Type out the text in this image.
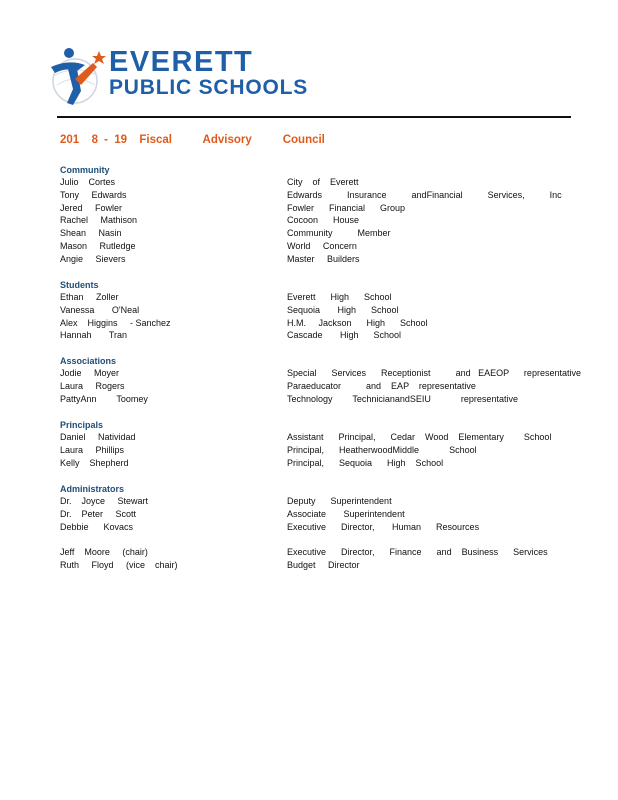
EVERETT
PUBLIC SCHOOLS
201  8 - 19  Fiscal     Advisory     Council
Community
Julio    Cortes	City    of    Everett
Tony     Edwards	Edwards          Insurance          andFinancial          Services,          Inc
Jered     Fowler	Fowler      Financial      Group
Rachel     Mathison	Cocoon      House
Shean     Nasin	Community          Member
Mason     Rutledge	World     Concern
Angie     Sievers	Master     Builders
Students
Ethan     Zoller	Everett      High      School
Vanessa       O'Neal	Sequoia       High      School
Alex    Higgins     - Sanchez	H.M.     Jackson      High      School
Hannah       Tran	Cascade       High      School
Associations
Jodie     Moyer	Special      Services      Receptionist          and   EAEOP      representative
Laura     Rogers	Paraeducator          and    EAP    representative
PattyAnn        Toomey	Technology        TechnicianandSEIU            representative
Principals
Daniel     Natividad	Assistant      Principal,      Cedar    Wood    Elementary        School
Laura     Phillips	Principal,      HeatherwoodMiddle            School
Kelly    Shepherd	Principal,      Sequoia      High    School
Administrators
Dr.    Joyce     Stewart	Deputy      Superintendent
Dr.    Peter     Scott	Associate       Superintendent
Debbie      Kovacs	Executive      Director,       Human      Resources
Jeff    Moore     (chair)	Executive      Director,      Finance      and    Business      Services
Ruth     Floyd     (vice    chair)	Budget     Director
